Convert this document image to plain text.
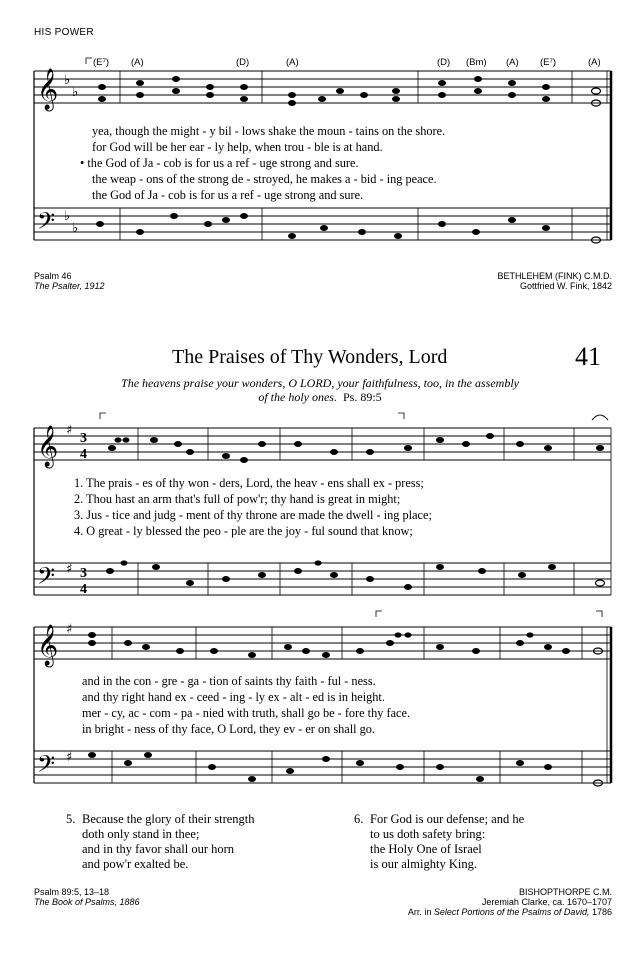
HIS POWER
𝄞
𝄢
♭
♭
♭
♭
𝄞
𝄢
♯
♯
3
4
3
4
𝄞
𝄢
♯
♯
(E⁷) (A)	(D)	(A)	(D) (Bm) (A) (E⁷)	(A)
yea, though the might - y bil - lows shake the moun - tains on the shore.
for God will be her ear - ly help, when trou - ble is at hand.
• the God of Ja - cob is for us a ref - uge strong and sure.
the weap - ons of the strong de - stroyed, he makes a - bid - ing peace.
the God of Ja - cob is for us a ref - uge strong and sure.
Psalm 46
The Psalter, 1912
BETHLEHEM (FINK) C.M.D.
Gottfried W. Fink, 1842
The Praises of Thy Wonders, Lord	41
The heavens praise your wonders, O LORD, your faithfulness, too, in the assembly
of the holy ones. Ps. 89:5
1. The prais - es of thy won - ders, Lord, the heav - ens shall ex - press;
2. Thou hast an arm that's full of pow'r; thy hand is great in might;
3. Jus - tice and judg - ment of thy throne are made the dwell - ing place;
4. O great - ly blessed the peo - ple are the joy - ful sound that know;
and in the con - gre - ga - tion of saints thy faith - ful - ness.
and thy right hand ex - ceed - ing - ly ex - alt - ed is in height.
mer - cy, ac - com - pa - nied with truth, shall go be - fore thy face.
in bright - ness of thy face, O Lord, they ev - er on shall go.
5. Because the glory of their strength
doth only stand in thee;
and in thy favor shall our horn
and pow'r exalted be.
6. For God is our defense; and he
to us doth safety bring:
the Holy One of Israel
is our almighty King.
Psalm 89:5, 13–18
The Book of Psalms, 1886
BISHOPTHORPE C.M.
Jeremiah Clarke, ca. 1670–1707
Arr. in Select Portions of the Psalms of David, 1786
